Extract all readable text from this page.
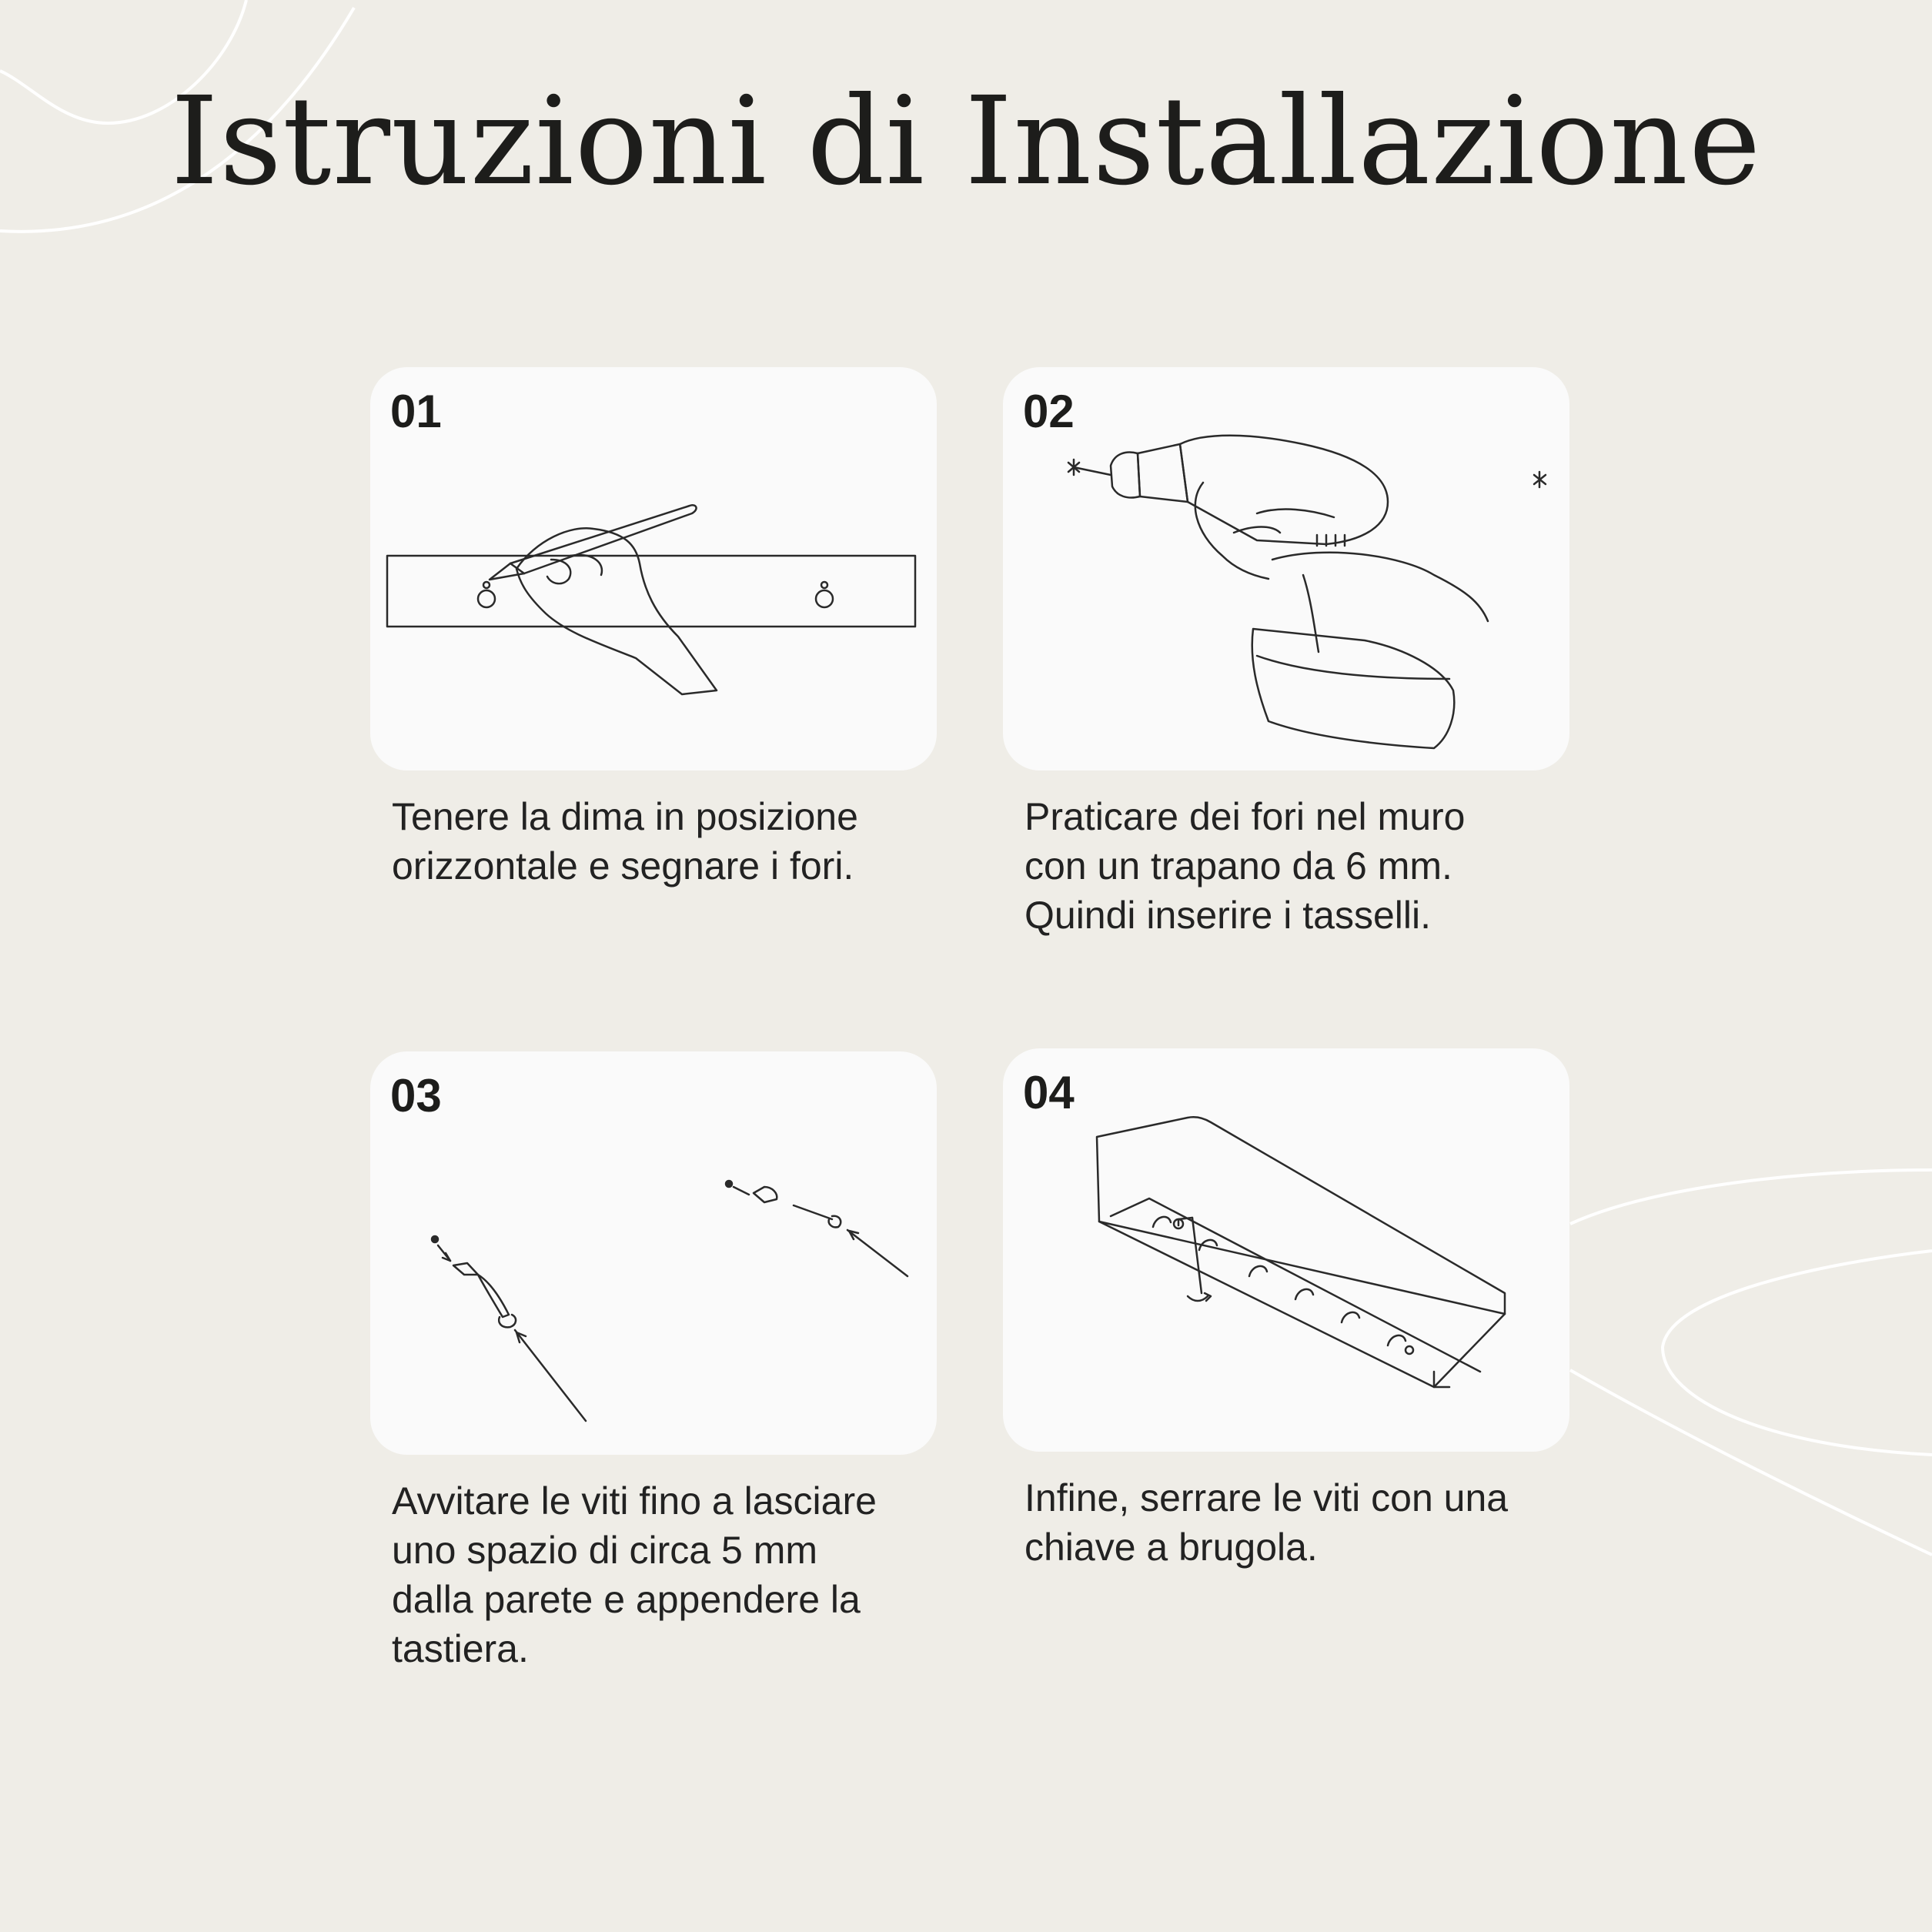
Istruzioni di Installazione
01
Tenere la dima in posizione
orizzontale e segnare i fori.
02
Praticare dei fori nel muro
con un trapano da 6 mm.
Quindi inserire i tasselli.
03
Avvitare le viti fino a lasciare
uno spazio di circa 5 mm
dalla parete e appendere la
tastiera.
04
Infine, serrare le viti con una
chiave a brugola.
